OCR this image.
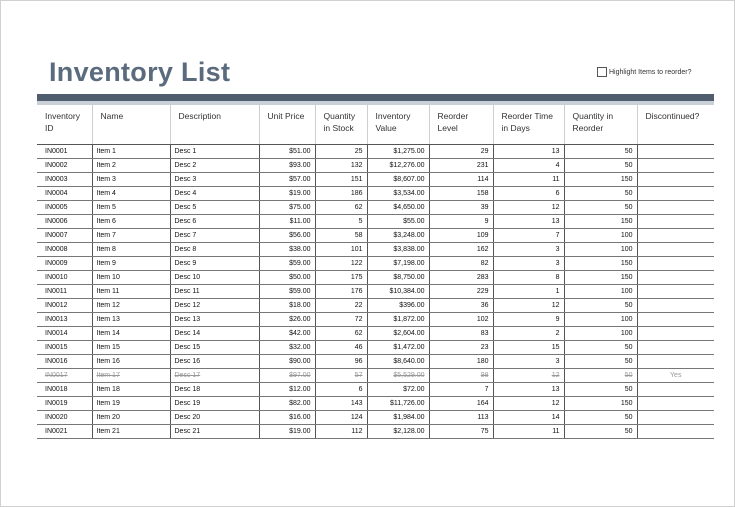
Inventory List	Highlight Items to reorder?
Inventory ID	Name	Description	Unit Price	Quantity in Stock	Inventory Value	Reorder Level	Reorder Time in Days	Quantity in Reorder	Discontinued?
IN0001	Item 1	Desc 1	$51.00	25	$1,275.00	29	13	50	
IN0002	Item 2	Desc 2	$93.00	132	$12,276.00	231	4	50	
IN0003	Item 3	Desc 3	$57.00	151	$8,607.00	114	11	150	
IN0004	Item 4	Desc 4	$19.00	186	$3,534.00	158	6	50	
IN0005	Item 5	Desc 5	$75.00	62	$4,650.00	39	12	50	
IN0006	Item 6	Desc 6	$11.00	5	$55.00	9	13	150	
IN0007	Item 7	Desc 7	$56.00	58	$3,248.00	109	7	100	
IN0008	Item 8	Desc 8	$38.00	101	$3,838.00	162	3	100	
IN0009	Item 9	Desc 9	$59.00	122	$7,198.00	82	3	150	
IN0010	Item 10	Desc 10	$50.00	175	$8,750.00	283	8	150	
IN0011	Item 11	Desc 11	$59.00	176	$10,384.00	229	1	100	
IN0012	Item 12	Desc 12	$18.00	22	$396.00	36	12	50	
IN0013	Item 13	Desc 13	$26.00	72	$1,872.00	102	9	100	
IN0014	Item 14	Desc 14	$42.00	62	$2,604.00	83	2	100	
IN0015	Item 15	Desc 15	$32.00	46	$1,472.00	23	15	50	
IN0016	Item 16	Desc 16	$90.00	96	$8,640.00	180	3	50	
IN0017	Item 17	Desc 17	$97.00	57	$5,529.00	98	12	50	Yes
IN0018	Item 18	Desc 18	$12.00	6	$72.00	7	13	50	
IN0019	Item 19	Desc 19	$82.00	143	$11,726.00	164	12	150	
IN0020	Item 20	Desc 20	$16.00	124	$1,984.00	113	14	50	
IN0021	Item 21	Desc 21	$19.00	112	$2,128.00	75	11	50	
